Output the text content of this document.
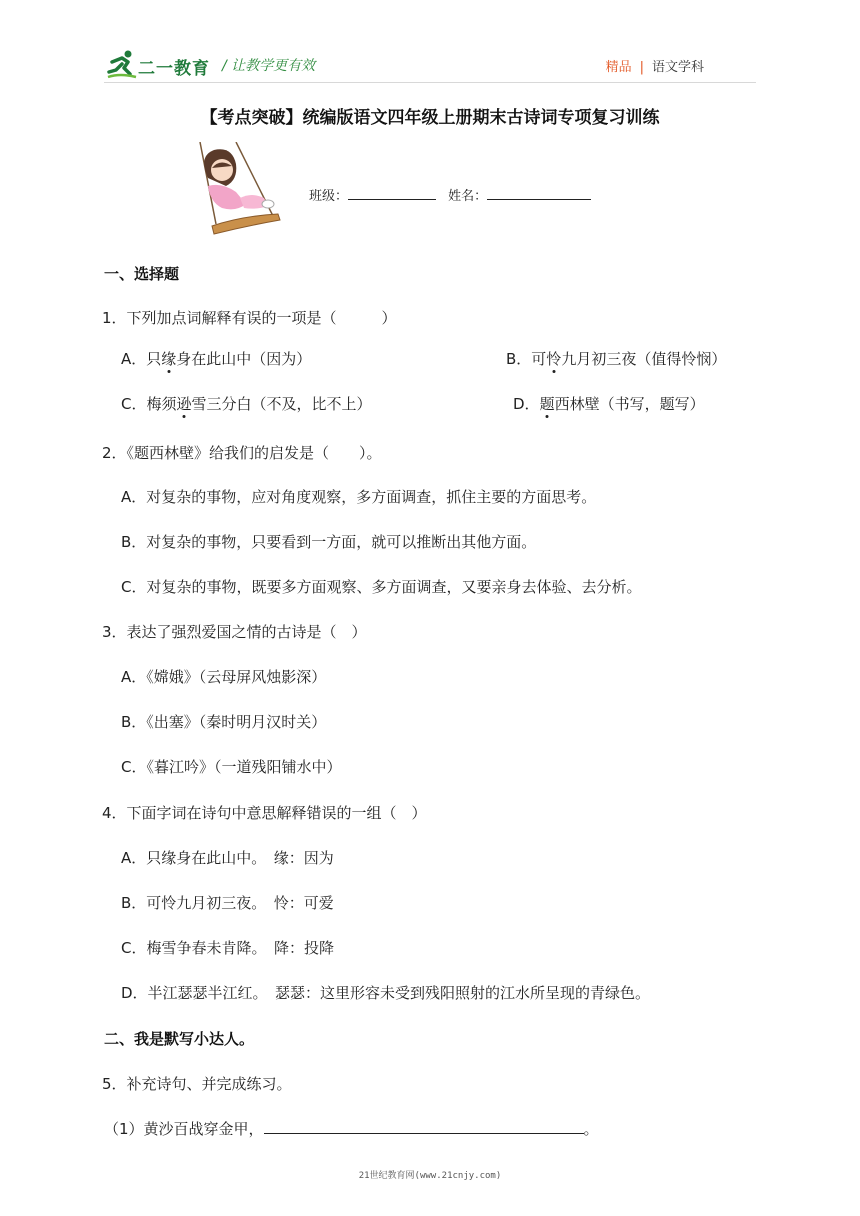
二一教育 / 让教学更有效	精品 | 语文学科
【考点突破】统编版语文四年级上册期末古诗词专项复习训练
班级：	姓名：
一、选择题
1．下列加点词解释有误的一项是（　　　）
A．只缘身在此山中（因为）	B．可怜九月初三夜（值得怜悯）
C．梅须逊雪三分白（不及，比不上）	D．题西林壁（书写，题写）
2．《题西林壁》给我们的启发是（　　）。
A．对复杂的事物，应对角度观察，多方面调查，抓住主要的方面思考。
B．对复杂的事物，只要看到一方面，就可以推断出其他方面。
C．对复杂的事物，既要多方面观察、多方面调查，又要亲身去体验、去分析。
3．表达了强烈爱国之情的古诗是（　）
A．《嫦娥》（云母屏风烛影深）
B．《出塞》（秦时明月汉时关）
C．《暮江吟》（一道残阳铺水中）
4．下面字词在诗句中意思解释错误的一组（　）
A．只缘身在此山中。　缘：因为
B．可怜九月初三夜。　怜：可爱
C．梅雪争春未肯降。　降：投降
D．半江瑟瑟半江红。　瑟瑟：这里形容未受到残阳照射的江水所呈现的青绿色。
二、我是默写小达人。
5．补充诗句、并完成练习。
（1）黄沙百战穿金甲，	。
21世纪教育网(www.21cnjy.com)
